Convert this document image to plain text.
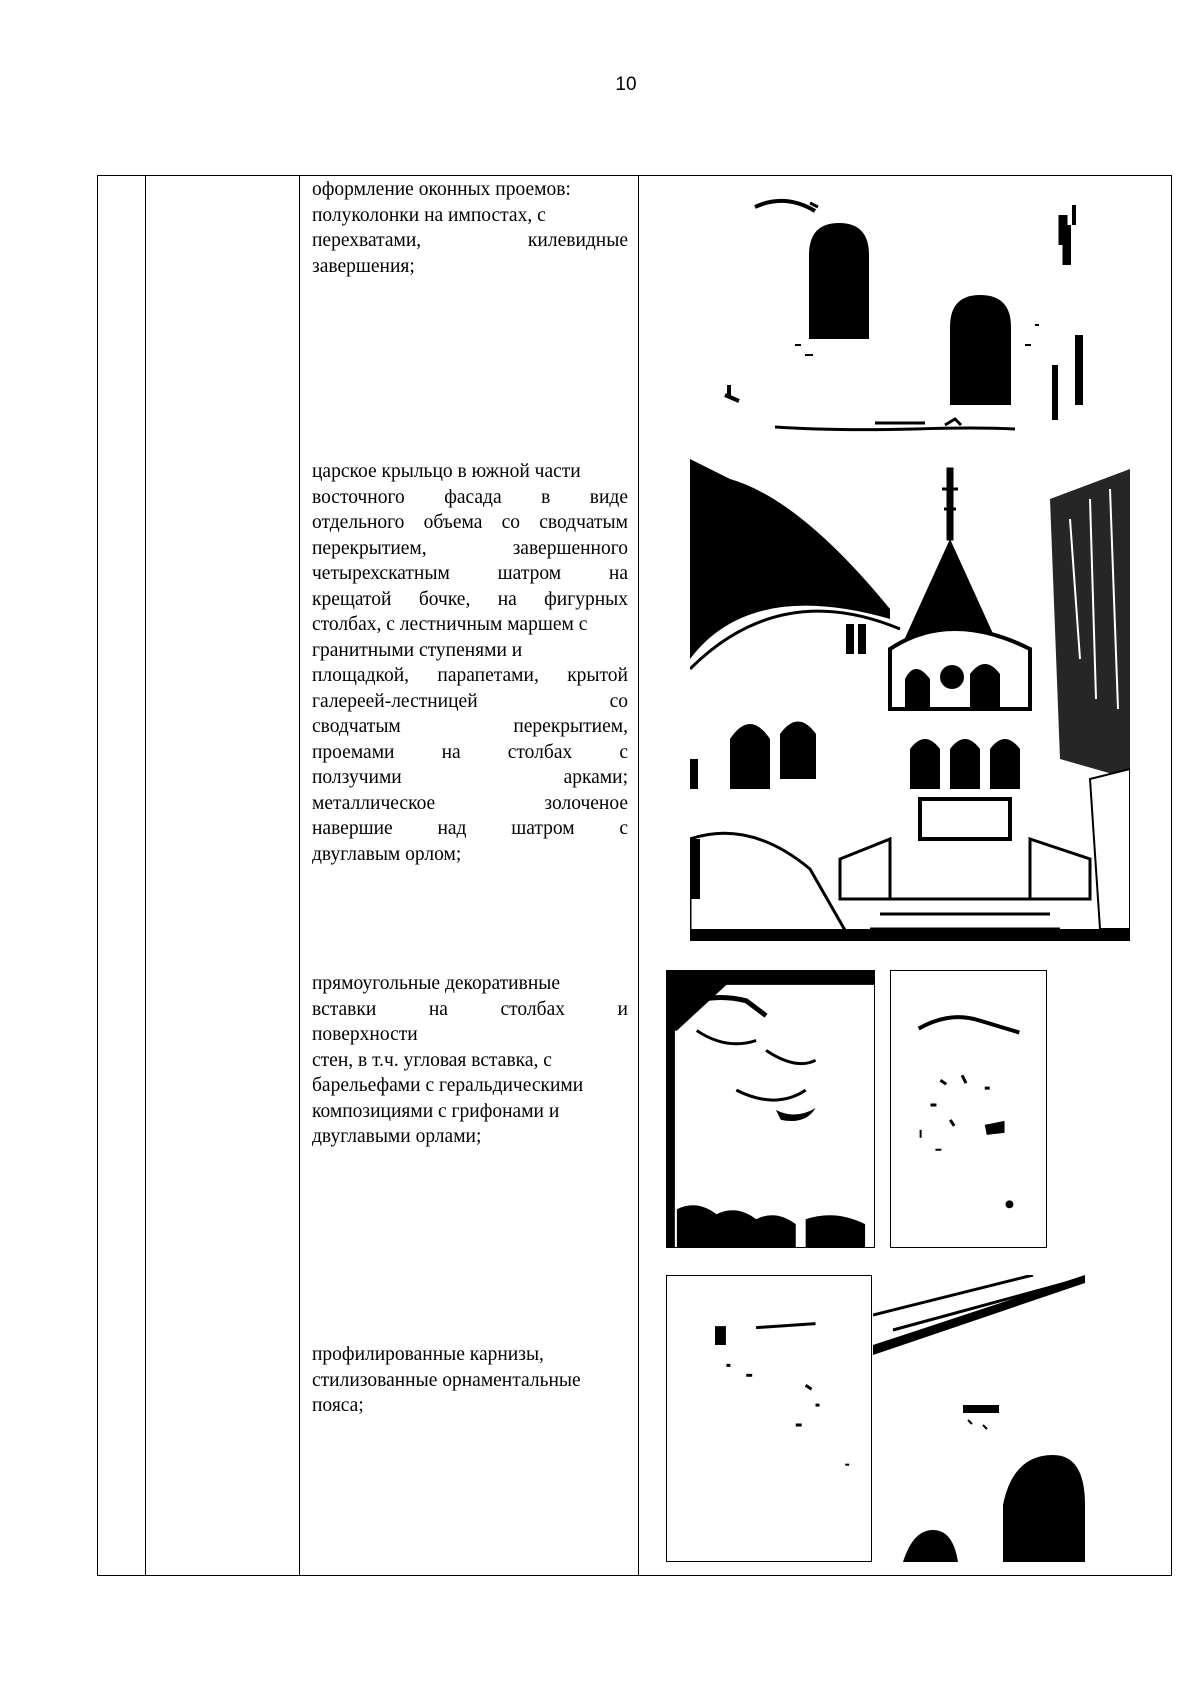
10
оформление оконных проемов:
полуколонки на импостах, с
перехватами, килевидные
завершения;
царское крыльцо в южной части
восточного фасада в виде
отдельного объема со сводчатым
перекрытием, завершенного
четырехскатным шатром на
крещатой бочке, на фигурных
столбах, с лестничным маршем с
гранитными ступенями и
площадкой, парапетами, крытой
галереей-лестницей со
сводчатым перекрытием,
проемами на столбах с
ползучими арками;
металлическое золоченое
навершие над шатром с
двуглавым орлом;
прямоугольные декоративные
вставки на столбах и
поверхности
стен, в т.ч. угловая вставка, с
барельефами с геральдическими
композициями с грифонами и
двуглавыми орлами;
профилированные карнизы,
стилизованные орнаментальные
пояса;
